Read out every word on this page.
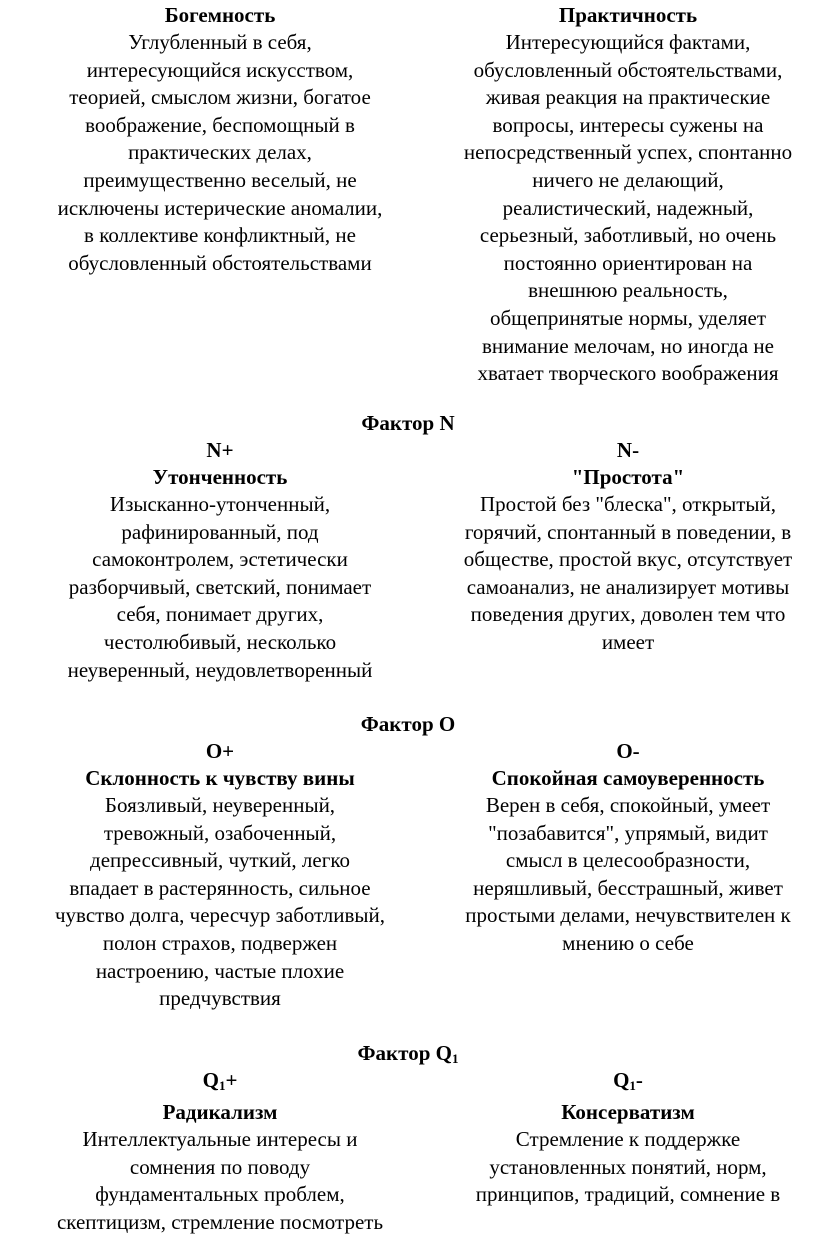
Богемность
Углубленный в себя,
интересующийся искусством,
теорией, смыслом жизни, богатое
воображение, беспомощный в
практических делах,
преимущественно веселый, не
исключены истерические аномалии,
в коллективе конфликтный, не
обусловленный обстоятельствами
Практичность
Интересующийся фактами,
обусловленный обстоятельствами,
живая реакция на практические
вопросы, интересы сужены на
непосредственный успех, спонтанно
ничего не делающий,
реалистический, надежный,
серьезный, заботливый, но очень
постоянно ориентирован на
внешнюю реальность,
общепринятые нормы, уделяет
внимание мелочам, но иногда не
хватает творческого воображения
Фактор N
N+
Утонченность
Изысканно-утонченный,
рафинированный, под
самоконтролем, эстетически
разборчивый, светский, понимает
себя, понимает других,
честолюбивый, несколько
неуверенный, неудовлетворенный
N-
"Простота"
Простой без "блеска", открытый,
горячий, спонтанный в поведении, в
обществе, простой вкус, отсутствует
самоанализ, не анализирует мотивы
поведения других, доволен тем что
имеет
Фактор O
O+
Склонность к чувству вины
Боязливый, неуверенный,
тревожный, озабоченный,
депрессивный, чуткий, легко
впадает в растерянность, сильное
чувство долга, чересчур заботливый,
полон страхов, подвержен
настроению, частые плохие
предчувствия
O-
Спокойная самоуверенность
Верен в себя, спокойный, умеет
"позабавится", упрямый, видит
смысл в целесообразности,
неряшливый, бесстрашный, живет
простыми делами, нечувствителен к
мнению о себе
Фактор $Q_1$
$Q_1+$
Радикализм
Интеллектуальные интересы и
сомнения по поводу
фундаментальных проблем,
скептицизм, стремление посмотреть
$Q_1-$
Консерватизм
Стремление к поддержке
установленных понятий, норм,
принципов, традиций, сомнение в
